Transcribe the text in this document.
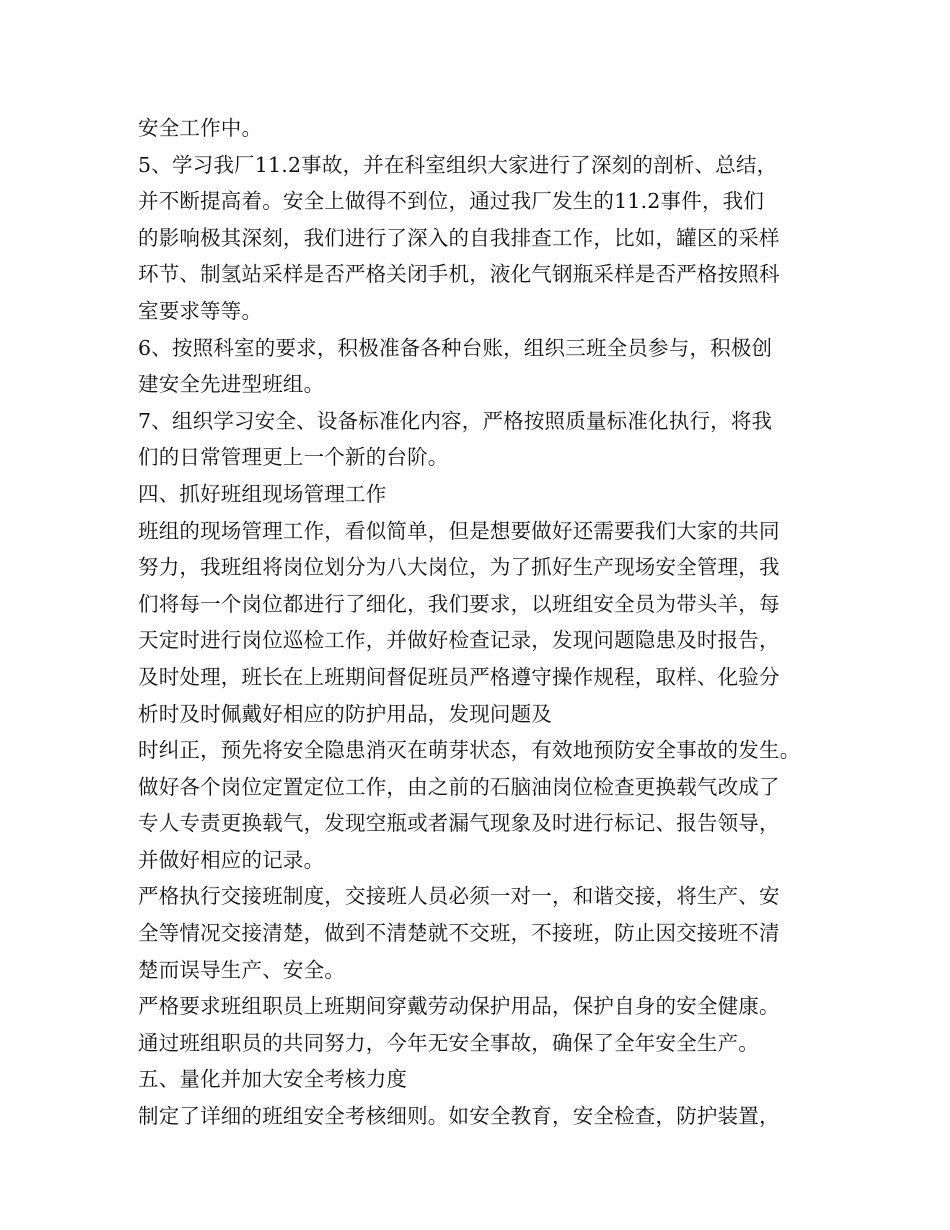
安全工作中。
5、学习我厂11.2事故，并在科室组织大家进行了深刻的剖析、总结，
并不断提高着。安全上做得不到位，通过我厂发生的11.2事件，我们
的影响极其深刻，我们进行了深入的自我排查工作，比如，罐区的采样
环节、制氢站采样是否严格关闭手机，液化气钢瓶采样是否严格按照科
室要求等等。
6、按照科室的要求，积极准备各种台账，组织三班全员参与，积极创
建安全先进型班组。
7、组织学习安全、设备标准化内容，严格按照质量标准化执行，将我
们的日常管理更上一个新的台阶。
四、抓好班组现场管理工作
班组的现场管理工作，看似简单，但是想要做好还需要我们大家的共同
努力，我班组将岗位划分为八大岗位，为了抓好生产现场安全管理，我
们将每一个岗位都进行了细化，我们要求，以班组安全员为带头羊，每
天定时进行岗位巡检工作，并做好检查记录，发现问题隐患及时报告，
及时处理，班长在上班期间督促班员严格遵守操作规程，取样、化验分
析时及时佩戴好相应的防护用品，发现问题及
时纠正，预先将安全隐患消灭在萌芽状态，有效地预防安全事故的发生。
做好各个岗位定置定位工作，由之前的石脑油岗位检查更换载气改成了
专人专责更换载气，发现空瓶或者漏气现象及时进行标记、报告领导，
并做好相应的记录。
严格执行交接班制度，交接班人员必须一对一，和谐交接，将生产、安
全等情况交接清楚，做到不清楚就不交班，不接班，防止因交接班不清
楚而误导生产、安全。
严格要求班组职员上班期间穿戴劳动保护用品，保护自身的安全健康。
通过班组职员的共同努力，今年无安全事故，确保了全年安全生产。
五、量化并加大安全考核力度
制定了详细的班组安全考核细则。如安全教育，安全检查，防护装置，
